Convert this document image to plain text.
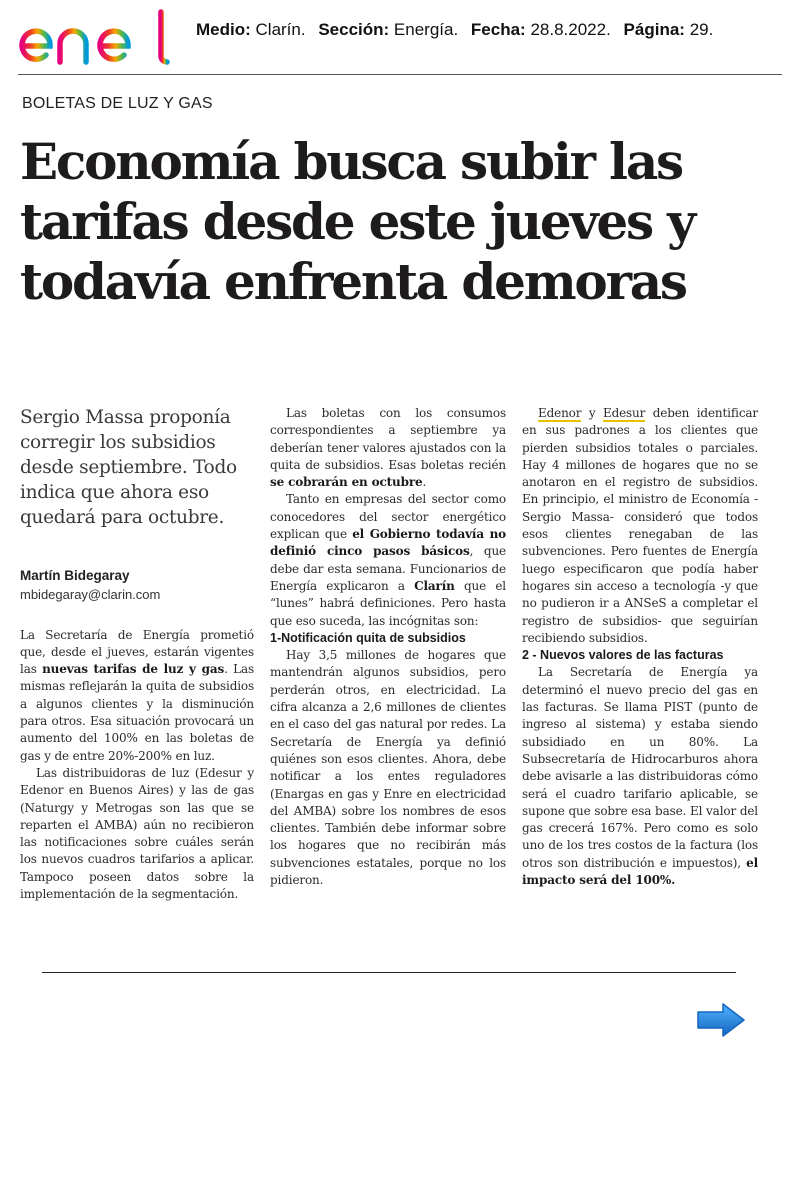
Medio: Clarín. Sección: Energía. Fecha: 28.8.2022. Página: 29.
BOLETAS DE LUZ Y GAS
Economía busca subir las
tarifas desde este jueves y
todavía enfrenta demoras

Sergio Massa proponía corregir los subsidios desde septiembre. Todo indica que ahora eso quedará para octubre.

Martín Bidegaray

mbidegaray@clarin.com

La Secretaría de Energía prometió que, desde el jueves, estarán vigentes las nuevas tarifas de luz y gas. Las mismas reflejarán la quita de subsidios a algunos clientes y la disminución para otros. Esa situación provocará un aumento del 100% en las boletas de gas y de entre 20%-200% en luz.

Las distribuidoras de luz (Edesur y Edenor en Buenos Aires) y las de gas (Naturgy y Metrogas son las que se reparten el AMBA) aún no recibieron las notificaciones sobre cuáles serán los nuevos cuadros tarifarios a aplicar. Tampoco poseen datos sobre la implementación de la segmentación.

Las boletas con los consumos correspondientes a septiembre ya deberían tener valores ajustados con la quita de subsidios. Esas boletas recién se cobrarán en octubre.

Tanto en empresas del sector como conocedores del sector energético explican que el Gobierno todavía no definió cinco pasos básicos, que debe dar esta semana. Funcionarios de Energía explicaron a Clarín que el “lunes” habrá definiciones. Pero hasta que eso suceda, las incógnitas son:

1-Notificación quita de subsidios

Hay 3,5 millones de hogares que mantendrán algunos subsidios, pero perderán otros, en electricidad. La cifra alcanza a 2,6 millones de clientes en el caso del gas natural por redes. La Secretaría de Energía ya definió quiénes son esos clientes. Ahora, debe notificar a los entes reguladores (Enargas en gas y Enre en electricidad del AMBA) sobre los nombres de esos clientes. También debe informar sobre los hogares que no recibirán más subvenciones estatales, porque no los pidieron.

Edenor y Edesur deben identificar en sus padrones a los clientes que pierden subsidios totales o parciales. Hay 4 millones de hogares que no se anotaron en el registro de subsidios. En principio, el ministro de Economía -Sergio Massa- consideró que todos esos clientes renegaban de las subvenciones. Pero fuentes de Energía luego especificaron que podía haber hogares sin acceso a tecnología -y que no pudieron ir a ANSeS a completar el registro de subsidios- que seguirían recibiendo subsidios.

2 - Nuevos valores de las facturas

La Secretaría de Energía ya determinó el nuevo precio del gas en las facturas. Se llama PIST (punto de ingreso al sistema) y estaba siendo subsidiado en un 80%. La Subsecretaría de Hidrocarburos ahora debe avisarle a las distribuidoras cómo será el cuadro tarifario aplicable, se supone que sobre esa base. El valor del gas crecerá 167%. Pero como es solo uno de los tres costos de la factura (los otros son distribución e impuestos), el impacto será del 100%.
